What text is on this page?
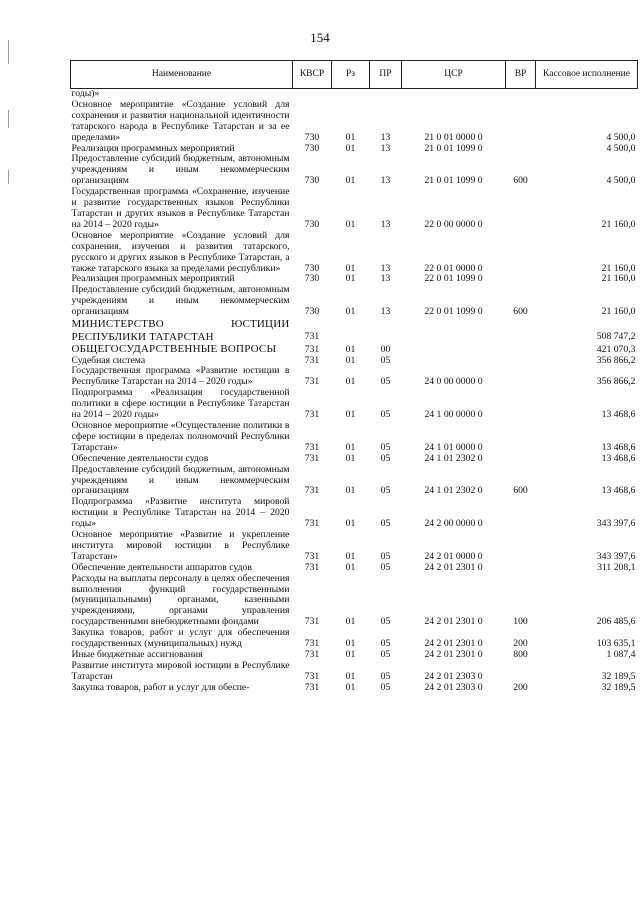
154
Наименование	КВСР	Рз	ПР	ЦСР	ВР	Кассовое исполнение
годы)»						
Основное мероприятие «Создание условий для сохранения и развития национальной идентичности татарского народа в Республике Татарстан и за ее пределами»	730	01	13	21 0 01 0000 0		4 500,0
Реализация программных мероприятий	730	01	13	21 0 01 1099 0		4 500,0
Предоставление субсидий бюджетным, автономным учреждениям и иным некоммерческим организациям	730	01	13	21 0 01 1099 0	600	4 500,0
Государственная программа «Сохранение, изучение и развитие государственных языков Республики Татарстан и других языков в Республике Татарстан на 2014 – 2020 годы»	730	01	13	22 0 00 0000 0		21 160,0
Основное мероприятие «Создание условий для сохранения, изучения и развития татарского, русского и других языков в Республике Татарстан, а также татарского языка за пределами республики»	730	01	13	22 0 01 0000 0		21 160,0
Реализация программных мероприятий	730	01	13	22 0 01 1099 0		21 160,0
Предоставление субсидий бюджетным, автономным учреждениям и иным некоммерческим организациям	730	01	13	22 0 01 1099 0	600	21 160,0
МИНИСТЕРСТВО ЮСТИЦИИ РЕСПУБЛИКИ ТАТАРСТАН	731					508 747,2
ОБЩЕГОСУДАРСТВЕННЫЕ ВОПРОСЫ	731	01	00			421 070,3
Судебная система	731	01	05			356 866,2
Государственная программа «Развитие юстиции в Республике Татарстан на 2014 – 2020 годы»	731	01	05	24 0 00 0000 0		356 866,2
Подпрограмма «Реализация государственной политики в сфере юстиции в Республике Татарстан на 2014 – 2020 годы»	731	01	05	24 1 00 0000 0		13 468,6
Основное мероприятие «Осуществление политики в сфере юстиции в пределах полномочий Республики Татарстан»	731	01	05	24 1 01 0000 0		13 468,6
Обеспечение деятельности судов	731	01	05	24 1 01 2302 0		13 468,6
Предоставление субсидий бюджетным, автономным учреждениям и иным некоммерческим организациям	731	01	05	24 1 01 2302 0	600	13 468,6
Подпрограмма «Развитие института мировой юстиции в Республике Татарстан на 2014 – 2020 годы»	731	01	05	24 2 00 0000 0		343 397,6
Основное мероприятие «Развитие и укрепление института мировой юстиции в Республике Татарстан»	731	01	05	24 2 01 0000 0		343 397,6
Обеспечение деятельности аппаратов судов	731	01	05	24 2 01 2301 0		311 208,1
Расходы на выплаты персоналу в целях обеспечения выполнения функций государственными (муниципальными) органами, казенными учреждениями, органами управления государственными внебюджетными фондами	731	01	05	24 2 01 2301 0	100	206 485,6
Закупка товаров, работ и услуг для обеспечения государственных (муниципальных) нужд	731	01	05	24 2 01 2301 0	200	103 635,1
Иные бюджетные ассигнования	731	01	05	24 2 01 2301 0	800	1 087,4
Развитие института мировой юстиции в Республике Татарстан	731	01	05	24 2 01 2303 0		32 189,5
Закупка товаров, работ и услуг для обеспе-	731	01	05	24 2 01 2303 0	200	32 189,5
